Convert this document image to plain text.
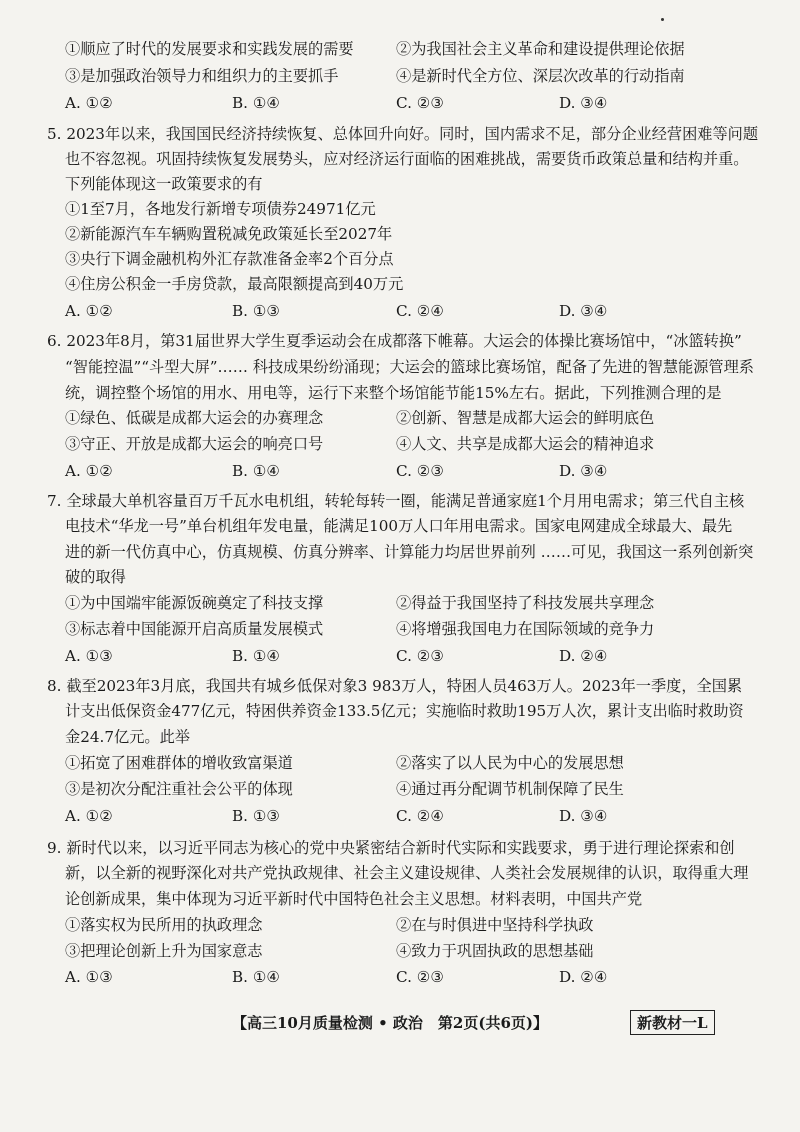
①顺应了时代的发展要求和实践发展的需要	②为我国社会主义革命和建设提供理论依据
③是加强政治领导力和组织力的主要抓手	④是新时代全方位、深层次改革的行动指南
A. ①②	B. ①④	C. ②③	D. ③④
5. 2023年以来，我国国民经济持续恢复、总体回升向好。同时，国内需求不足，部分企业经营困难等问题
也不容忽视。巩固持续恢复发展势头，应对经济运行面临的困难挑战，需要货币政策总量和结构并重。
下列能体现这一政策要求的有
①1至7月，各地发行新增专项债券24971亿元
②新能源汽车车辆购置税减免政策延长至2027年
③央行下调金融机构外汇存款准备金率2个百分点
④住房公积金一手房贷款，最高限额提高到40万元
A. ①②	B. ①③	C. ②④	D. ③④
6. 2023年8月，第31届世界大学生夏季运动会在成都落下帷幕。大运会的体操比赛场馆中，“冰篮转换”
“智能控温”“斗型大屏”…… 科技成果纷纷涌现；大运会的篮球比赛场馆，配备了先进的智慧能源管理系
统，调控整个场馆的用水、用电等，运行下来整个场馆能节能15%左右。据此，下列推测合理的是
①绿色、低碳是成都大运会的办赛理念	②创新、智慧是成都大运会的鲜明底色
③守正、开放是成都大运会的响亮口号	④人文、共享是成都大运会的精神追求
A. ①②	B. ①④	C. ②③	D. ③④
7. 全球最大单机容量百万千瓦水电机组，转轮每转一圈，能满足普通家庭1个月用电需求；第三代自主核
电技术“华龙一号”单台机组年发电量，能满足100万人口年用电需求。国家电网建成全球最大、最先
进的新一代仿真中心，仿真规模、仿真分辨率、计算能力均居世界前列 ……可见，我国这一系列创新突
破的取得
①为中国端牢能源饭碗奠定了科技支撑	②得益于我国坚持了科技发展共享理念
③标志着中国能源开启高质量发展模式	④将增强我国电力在国际领域的竞争力
A. ①③	B. ①④	C. ②③	D. ②④
8. 截至2023年3月底，我国共有城乡低保对象3 983万人，特困人员463万人。2023年一季度，全国累
计支出低保资金477亿元，特困供养资金133.5亿元；实施临时救助195万人次，累计支出临时救助资
金24.7亿元。此举
①拓宽了困难群体的增收致富渠道	②落实了以人民为中心的发展思想
③是初次分配注重社会公平的体现	④通过再分配调节机制保障了民生
A. ①②	B. ①③	C. ②④	D. ③④
9. 新时代以来，以习近平同志为核心的党中央紧密结合新时代实际和实践要求，勇于进行理论探索和创
新，以全新的视野深化对共产党执政规律、社会主义建设规律、人类社会发展规律的认识，取得重大理
论创新成果，集中体现为习近平新时代中国特色社会主义思想。材料表明，中国共产党
①落实权为民所用的执政理念	②在与时俱进中坚持科学执政
③把理论创新上升为国家意志	④致力于巩固执政的思想基础
A. ①③	B. ①④	C. ②③	D. ②④
【高三10月质量检测 • 政治　第2页(共6页)】	新教材一L
